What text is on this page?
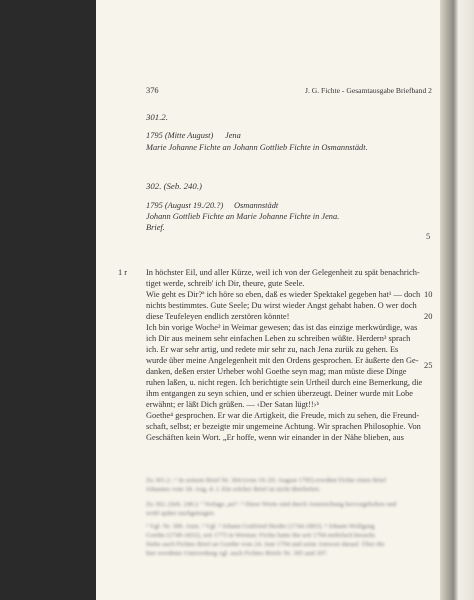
376	J. G. Fichte - Gesamtausgabe Briefband 2
301.2.
1795 (Mitte August) Jena
Marie Johanne Fichte an Johann Gottlieb Fichte in Osmannstädt.
302. (Seb. 240.)
1795 (August 19./20.?) Osmannstädt
Johann Gottlieb Fichte an Marie Johanne Fichte in Jena.
Brief.
1 r
5
10
20
25
In höchster Eil, und aller Kürze, weil ich von der Gelegenheit zu spät benachrich-
tiget werde, schreib' ich Dir, theure, gute Seele.
Wie geht es Dir?ª ich höre so eben, daß es wieder Spektakel gegeben hat¹ — doch
nichts bestimmtes. Gute Seele; Du wirst wieder Angst gehabt haben. O wer doch
diese Teufeleyen endlich zerstören könnte!
Ich bin vorige Woche² in Weimar gewesen; das ist das einzige merkwürdige, was
ich Dir aus meinem sehr einfachen Leben zu schreiben wüßte. Herdern³ sprach
ich. Er war sehr artig, und redete mir sehr zu, nach Jena zurük zu gehen. Es
wurde über meine Angelegenheit mit den Ordens gesprochen. Er äußerte den Ge-
danken, deßen erster Urheber wohl Goethe seyn mag; man müste diese Dinge
ruhen laßen, u. nicht regen. Ich berichtigte sein Urtheil durch eine Bemerkung, die
ihm entgangen zu seyn schien, und er schien überzeugt. Deiner wurde mit Lobe
erwähnt; er läßt Dich grüßen. — ‹Der Satan lügt!!›ᵇ
Goethe⁴ gesprochen. Er war die Artigkeit, die Freude, mich zu sehen, die Freund-
schaft, selbst; er bezeigte mir ungemeine Achtung. Wir sprachen Philosophie. Von
Geschäften kein Wort. „Er hoffe, wenn wir einander in der Nähe blieben, aus
Zu 301.2.: ¹ In seinem Brief Nr. 304 (vom 19./20. August 1795) erwähnt Fichte einen Brief
Johannes vom 18. Aug. d. J. Ein solcher Brief ist nicht überliefert.
Zu 302. (Seb. 240.): ª Vorlage ,an?'. ᵇ Diese Worte sind durch Anstreichung hervorgehoben und
wohl später nachgetragen.
¹ Vgl. Nr. 300. Anm. ² Vgl. ³ Johann Gottfried Herder (1744-1803). ⁴ Johann Wolfgang
Goethe (1749-1832), seit 1775 in Weimar; Fichte hatte ihn seit 1794 mehrfach besucht.
Siehe auch Fichtes Brief an Goethe vom 24. Juni 1794 und seine Antwort darauf. Über die
hier erwähnte Unterredung vgl. auch Fichtes Briefe Nr. 305 und 307.
